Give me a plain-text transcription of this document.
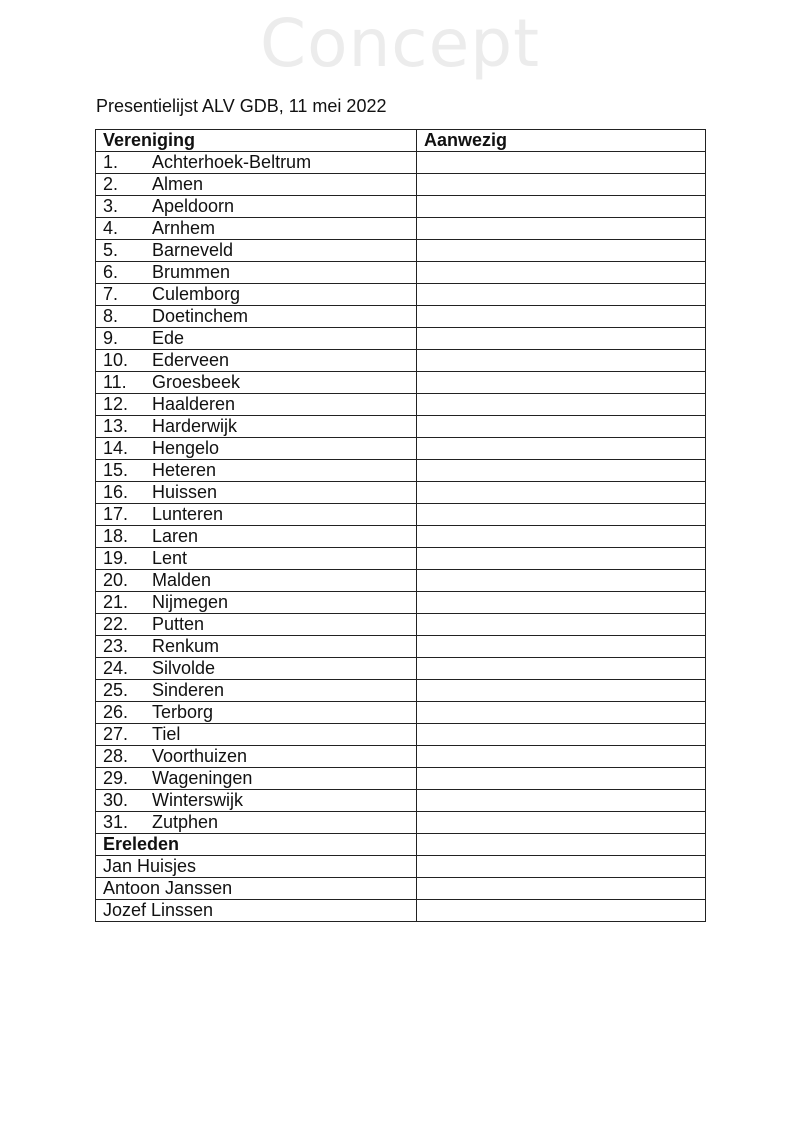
Concept
Presentielijst ALV GDB, 11 mei 2022
Vereniging	Aanwezig
1. Achterhoek-Beltrum	
2. Almen	
3. Apeldoorn	
4. Arnhem	
5. Barneveld	
6. Brummen	
7. Culemborg	
8. Doetinchem	
9. Ede	
10. Ederveen	
11. Groesbeek	
12. Haalderen	
13. Harderwijk	
14. Hengelo	
15. Heteren	
16. Huissen	
17. Lunteren	
18. Laren	
19. Lent	
20. Malden	
21. Nijmegen	
22. Putten	
23. Renkum	
24. Silvolde	
25. Sinderen	
26. Terborg	
27. Tiel	
28. Voorthuizen	
29. Wageningen	
30. Winterswijk	
31. Zutphen	
Ereleden	
Jan Huisjes	
Antoon Janssen	
Jozef Linssen	
